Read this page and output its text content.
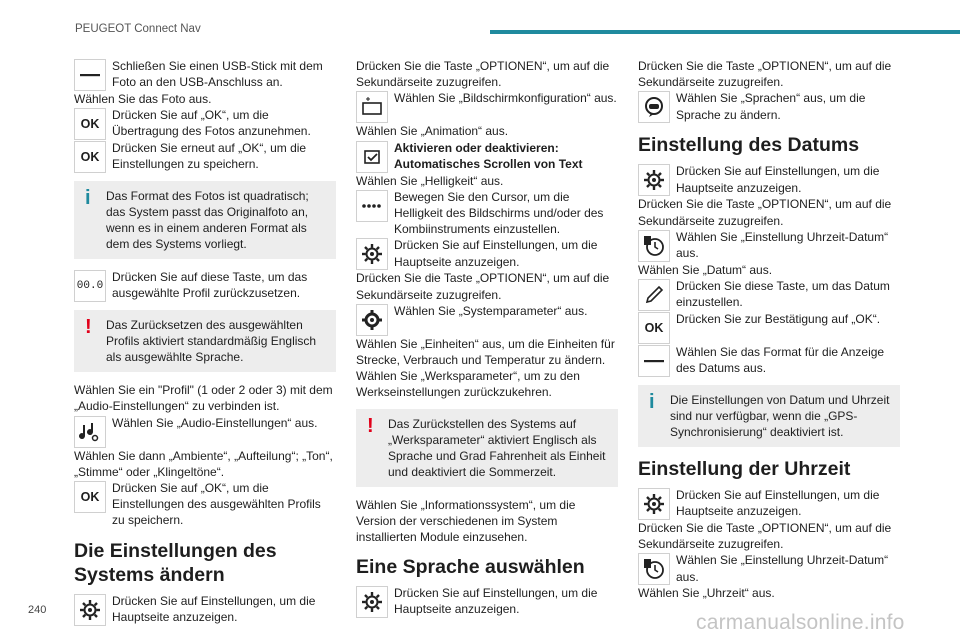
PEUGEOT Connect Nav
Schließen Sie einen USB-Stick mit dem Foto an den USB-Anschluss an.
Wählen Sie das Foto aus.
OK
Drücken Sie auf „OK“, um die Übertragung des Fotos anzunehmen.
OK
Drücken Sie erneut auf „OK“, um die Einstellungen zu speichern.
i	Das Format des Fotos ist quadratisch; das System passt das Originalfoto an, wenn es in einem anderen Format als dem des Systems vorliegt.
00.0
Drücken Sie auf diese Taste, um das ausgewählte Profil zurückzusetzen.
!	Das Zurücksetzen des ausgewählten Profils aktiviert standardmäßig Englisch als ausgewählte Sprache.
Wählen Sie ein "Profil" (1 oder 2 oder 3) mit dem „Audio-Einstellungen“ zu verbinden ist.
Wählen Sie „Audio-Einstellungen“ aus.
Wählen Sie dann „Ambiente“, „Aufteilung“; „Ton“, „Stimme“ oder „Klingeltöne“.
OK
Drücken Sie auf „OK“, um die Einstellungen des ausgewählten Profils zu speichern.
Die Einstellungen des Systems ändern
Drücken Sie auf Einstellungen, um die Hauptseite anzuzeigen.
Drücken Sie die Taste „OPTIONEN“, um auf die Sekundärseite zuzugreifen.
Wählen Sie „Bildschirmkonfiguration“ aus.
Wählen Sie „Animation“ aus.
Aktivieren oder deaktivieren: Automatisches Scrollen von Text
Wählen Sie „Helligkeit“ aus.
Bewegen Sie den Cursor, um die Helligkeit des Bildschirms und/oder des Kombiinstruments einzustellen.
Drücken Sie auf Einstellungen, um die Hauptseite anzuzeigen.
Drücken Sie die Taste „OPTIONEN“, um auf die Sekundärseite zuzugreifen.
Wählen Sie „Systemparameter“ aus.
Wählen Sie „Einheiten“ aus, um die Einheiten für Strecke, Verbrauch und Temperatur zu ändern.
Wählen Sie „Werksparameter“, um zu den Werkseinstellungen zurückzukehren.
!	Das Zurückstellen des Systems auf „Werksparameter“ aktiviert Englisch als Sprache und Grad Fahrenheit als Einheit und deaktiviert die Sommerzeit.
Wählen Sie „Informationssystem“, um die Version der verschiedenen im System installierten Module einzusehen.
Eine Sprache auswählen
Drücken Sie auf Einstellungen, um die Hauptseite anzuzeigen.
Drücken Sie die Taste „OPTIONEN“, um auf die Sekundärseite zuzugreifen.
Wählen Sie „Sprachen“ aus, um die Sprache zu ändern.
Einstellung des Datums
Drücken Sie auf Einstellungen, um die Hauptseite anzuzeigen.
Drücken Sie die Taste „OPTIONEN“, um auf die Sekundärseite zuzugreifen.
Wählen Sie „Einstellung Uhrzeit-Datum“ aus.
Wählen Sie „Datum“ aus.
Drücken Sie diese Taste, um das Datum einzustellen.
OK
Drücken Sie zur Bestätigung auf „OK“.
Wählen Sie das Format für die Anzeige des Datums aus.
i	Die Einstellungen von Datum und Uhrzeit sind nur verfügbar, wenn die „GPS-Synchronisierung“ deaktiviert ist.
Einstellung der Uhrzeit
Drücken Sie auf Einstellungen, um die Hauptseite anzuzeigen.
Drücken Sie die Taste „OPTIONEN“, um auf die Sekundärseite zuzugreifen.
Wählen Sie „Einstellung Uhrzeit-Datum“ aus.
Wählen Sie „Uhrzeit“ aus.
240
carmanualsonline.info
